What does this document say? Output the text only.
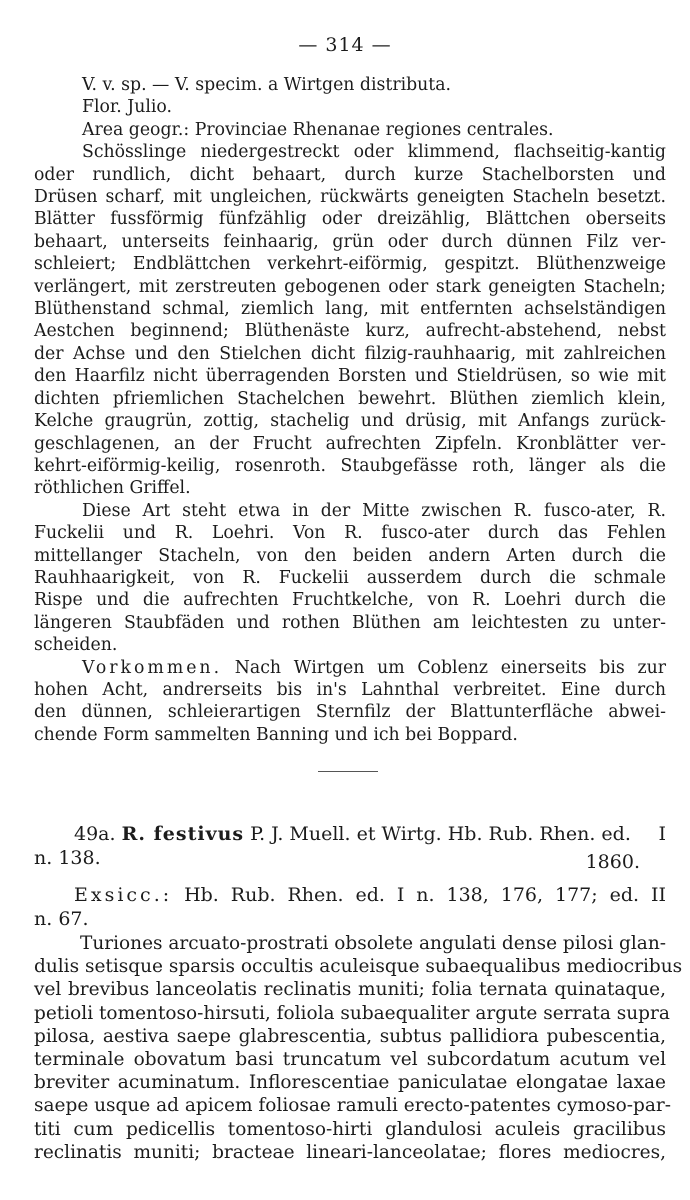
— 314 —
V. v. sp. — V. specim. a Wirtgen distributa.
Flor. Julio.
Area geogr.: Provinciae Rhenanae regiones centrales.
Schösslinge niedergestreckt oder klimmend, flachseitig-kantig
oder rundlich, dicht behaart, durch kurze Stachelborsten und
Drüsen scharf, mit ungleichen, rückwärts geneigten Stacheln besetzt.
Blätter fussförmig fünfzählig oder dreizählig, Blättchen oberseits
behaart, unterseits feinhaarig, grün oder durch dünnen Filz ver-
schleiert; Endblättchen verkehrt-eiförmig, gespitzt. Blüthenzweige
verlängert, mit zerstreuten gebogenen oder stark geneigten Stacheln;
Blüthenstand schmal, ziemlich lang, mit entfernten achselständigen
Aestchen beginnend; Blüthenäste kurz, aufrecht-abstehend, nebst
der Achse und den Stielchen dicht filzig-rauhhaarig, mit zahlreichen
den Haarfilz nicht überragenden Borsten und Stieldrüsen, so wie mit
dichten pfriemlichen Stachelchen bewehrt. Blüthen ziemlich klein,
Kelche graugrün, zottig, stachelig und drüsig, mit Anfangs zurück-
geschlagenen, an der Frucht aufrechten Zipfeln. Kronblätter ver-
kehrt-eiförmig-keilig, rosenroth. Staubgefässe roth, länger als die
röthlichen Griffel.
Diese Art steht etwa in der Mitte zwischen R. fusco-ater, R.
Fuckelii und R. Loehri. Von R. fusco-ater durch das Fehlen
mittellanger Stacheln, von den beiden andern Arten durch die
Rauhhaarigkeit, von R. Fuckelii ausserdem durch die schmale
Rispe und die aufrechten Fruchtkelche, von R. Loehri durch die
längeren Staubfäden und rothen Blüthen am leichtesten zu unter-
scheiden.
Vorkommen. Nach Wirtgen um Coblenz einerseits bis zur
hohen Acht, andrerseits bis in's Lahnthal verbreitet. Eine durch
den dünnen, schleierartigen Sternfilz der Blattunterfläche abwei-
chende Form sammelten Banning und ich bei Boppard.
49a. R. festivus P. J. Muell. et Wirtg. Hb. Rub. Rhen. ed. I
n. 138.	1860.
Exsicc.: Hb. Rub. Rhen. ed. I n. 138, 176, 177; ed. II
n. 67.
Turiones arcuato-prostrati obsolete angulati dense pilosi glan-
dulis setisque sparsis occultis aculeisque subaequalibus mediocribus
vel brevibus lanceolatis reclinatis muniti; folia ternata quinataque,
petioli tomentoso-hirsuti, foliola subaequaliter argute serrata supra
pilosa, aestiva saepe glabrescentia, subtus pallidiora pubescentia,
terminale obovatum basi truncatum vel subcordatum acutum vel
breviter acuminatum. Inflorescentiae paniculatae elongatae laxae
saepe usque ad apicem foliosae ramuli erecto-patentes cymoso-par-
titi cum pedicellis tomentoso-hirti glandulosi aculeis gracilibus
reclinatis muniti; bracteae lineari-lanceolatae; flores mediocres,
